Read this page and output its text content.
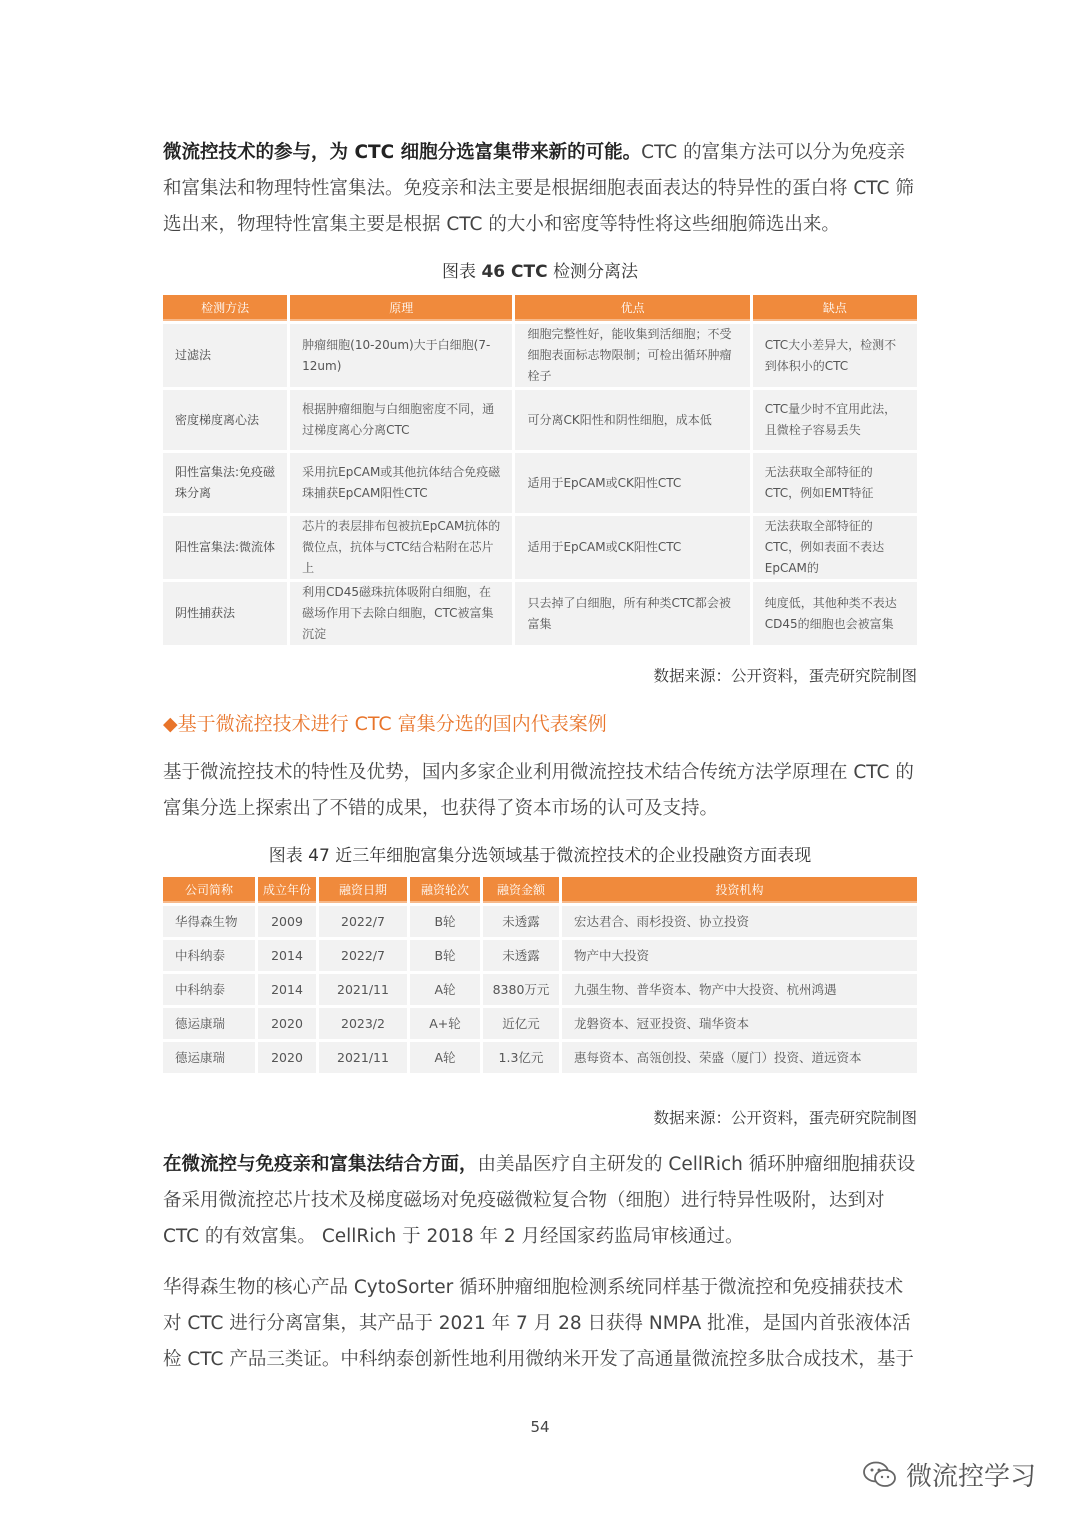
微流控技术的参与，为 CTC 细胞分选富集带来新的可能。CTC 的富集方法可以分为免疫亲和富集法和物理特性富集法。免疫亲和法主要是根据细胞表面表达的特异性的蛋白将 CTC 筛选出来，物理特性富集主要是根据 CTC 的大小和密度等特性将这些细胞筛选出来。

图表 46 CTC 检测分离法
检测方法	原理	优点	缺点
过滤法	肿瘤细胞(10-20um)大于白细胞(7-12um)	细胞完整性好，能收集到活细胞；不受细胞表面标志物限制；可检出循环肿瘤栓子	CTC大小差异大，检测不到体积小的CTC
密度梯度离心法	根据肿瘤细胞与白细胞密度不同，通过梯度离心分离CTC	可分离CK阳性和阴性细胞，成本低	CTC量少时不宜用此法，且微栓子容易丢失
阳性富集法:免疫磁珠分离	采用抗EpCAM或其他抗体结合免疫磁珠捕获EpCAM阳性CTC	适用于EpCAM或CK阳性CTC	无法获取全部特征的CTC，例如EMT特征
阳性富集法:微流体	芯片的表层排布包被抗EpCAM抗体的微位点，抗体与CTC结合粘附在芯片上	适用于EpCAM或CK阳性CTC	无法获取全部特征的CTC，例如表面不表达EpCAM的
阴性捕获法	利用CD45磁珠抗体吸附白细胞，在磁场作用下去除白细胞，CTC被富集沉淀	只去掉了白细胞，所有种类CTC都会被富集	纯度低，其他种类不表达CD45的细胞也会被富集
数据来源：公开资料，蛋壳研究院制图
◆基于微流控技术进行 CTC 富集分选的国内代表案例

基于微流控技术的特性及优势，国内多家企业利用微流控技术结合传统方法学原理在 CTC 的富集分选上探索出了不错的成果，也获得了资本市场的认可及支持。

图表 47 近三年细胞富集分选领域基于微流控技术的企业投融资方面表现
公司简称	成立年份	融资日期	融资轮次	融资金额	投资机构
华得森生物	2009	2022/7	B轮	未透露	宏达君合、雨杉投资、协立投资
中科纳泰	2014	2022/7	B轮	未透露	物产中大投资
中科纳泰	2014	2021/11	A轮	8380万元	九强生物、普华资本、物产中大投资、杭州鸿遇
德运康瑞	2020	2023/2	A+轮	近亿元	龙磐资本、冠亚投资、瑞华资本
德运康瑞	2020	2021/11	A轮	1.3亿元	惠每资本、高瓴创投、荣盛（厦门）投资、道远资本
数据来源：公开资料，蛋壳研究院制图

在微流控与免疫亲和富集法结合方面，由美晶医疗自主研发的 CellRich 循环肿瘤细胞捕获设备采用微流控芯片技术及梯度磁场对免疫磁微粒复合物（细胞）进行特异性吸附，达到对 CTC 的有效富集。 CellRich 于 2018 年 2 月经国家药监局审核通过。

华得森生物的核心产品 CytoSorter 循环肿瘤细胞检测系统同样基于微流控和免疫捕获技术对 CTC 进行分离富集，其产品于 2021 年 7 月 28 日获得 NMPA 批准，是国内首张液体活检 CTC 产品三类证。中科纳泰创新性地利用微纳米开发了高通量微流控多肽合成技术，基于

54
微流控学习
